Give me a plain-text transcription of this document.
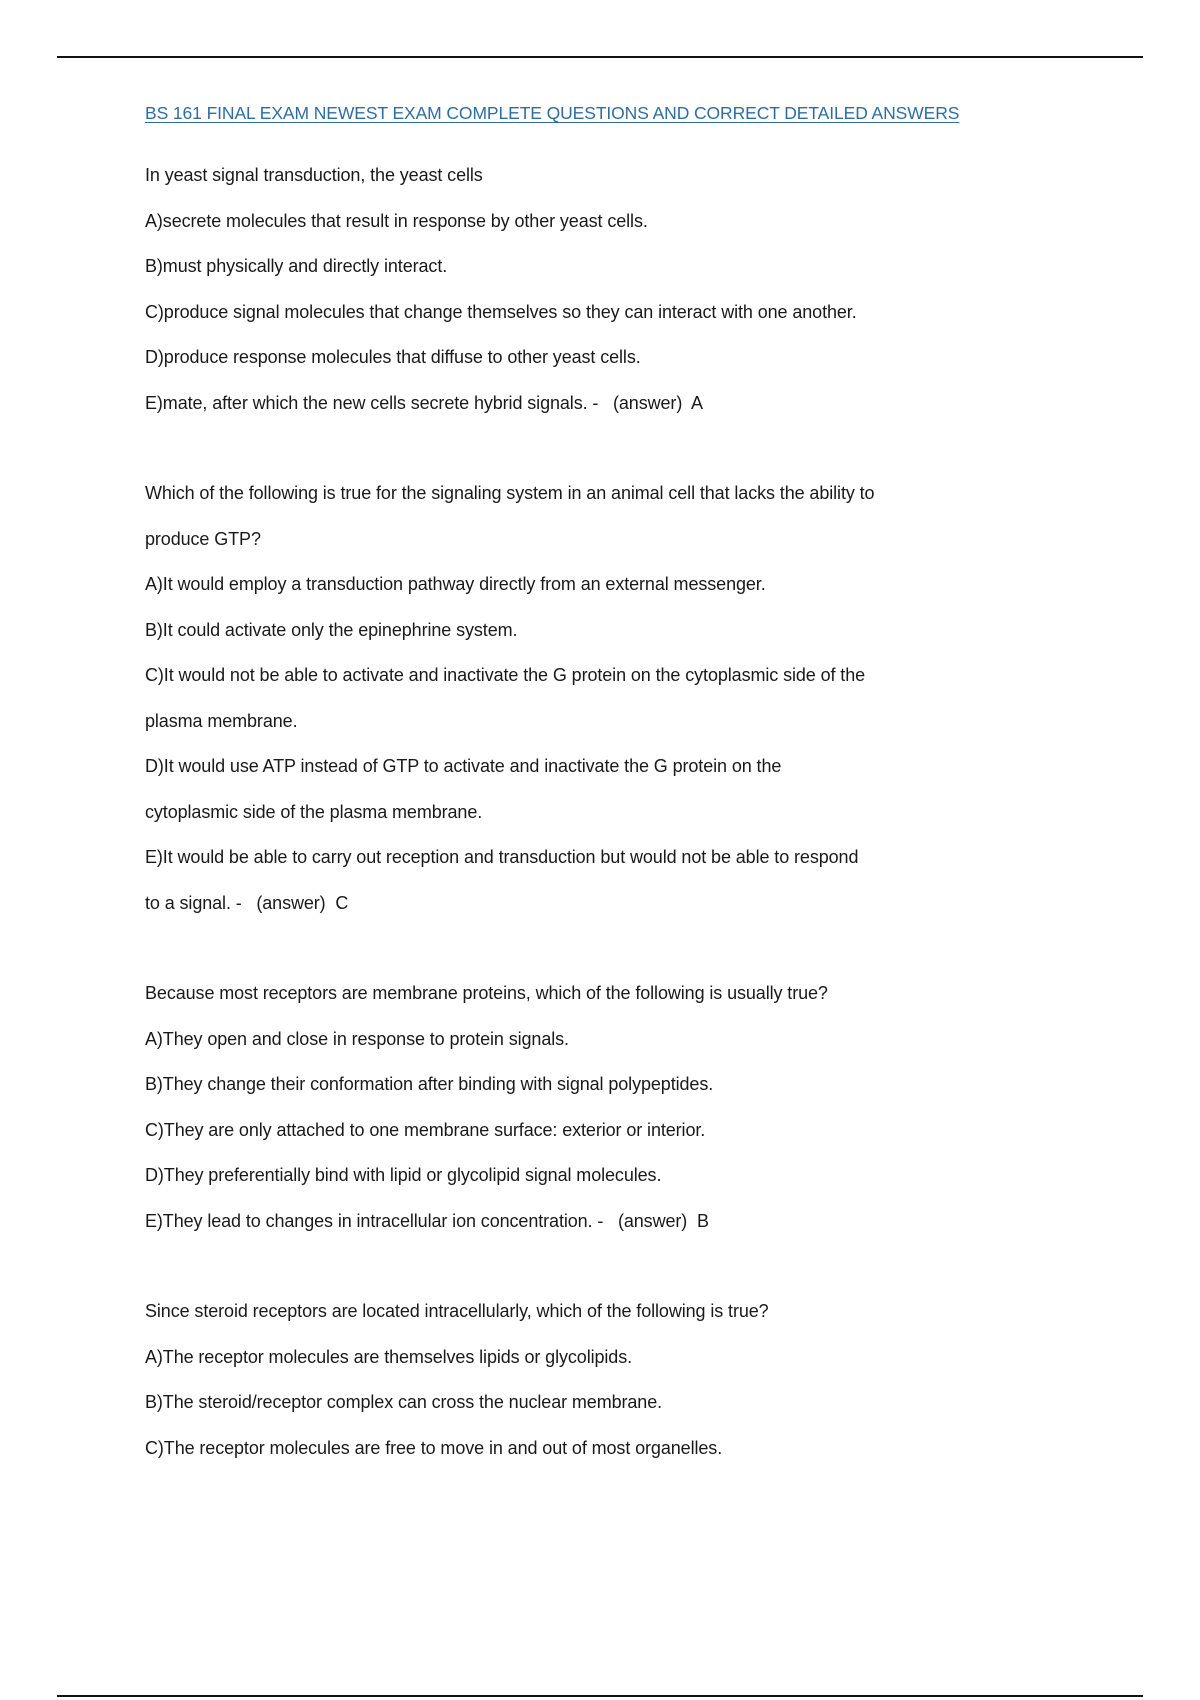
BS 161 FINAL EXAM NEWEST EXAM COMPLETE QUESTIONS AND CORRECT DETAILED ANSWERS
In yeast signal transduction, the yeast cells
A)secrete molecules that result in response by other yeast cells.
B)must physically and directly interact.
C)produce signal molecules that change themselves so they can interact with one another.
D)produce response molecules that diffuse to other yeast cells.
E)mate, after which the new cells secrete hybrid signals. - (answer) A
Which of the following is true for the signaling system in an animal cell that lacks the ability to
produce GTP?
A)It would employ a transduction pathway directly from an external messenger.
B)It could activate only the epinephrine system.
C)It would not be able to activate and inactivate the G protein on the cytoplasmic side of the
plasma membrane.
D)It would use ATP instead of GTP to activate and inactivate the G protein on the
cytoplasmic side of the plasma membrane.
E)It would be able to carry out reception and transduction but would not be able to respond
to a signal. - (answer) C
Because most receptors are membrane proteins, which of the following is usually true?
A)They open and close in response to protein signals.
B)They change their conformation after binding with signal polypeptides.
C)They are only attached to one membrane surface: exterior or interior.
D)They preferentially bind with lipid or glycolipid signal molecules.
E)They lead to changes in intracellular ion concentration. - (answer) B
Since steroid receptors are located intracellularly, which of the following is true?
A)The receptor molecules are themselves lipids or glycolipids.
B)The steroid/receptor complex can cross the nuclear membrane.
C)The receptor molecules are free to move in and out of most organelles.
